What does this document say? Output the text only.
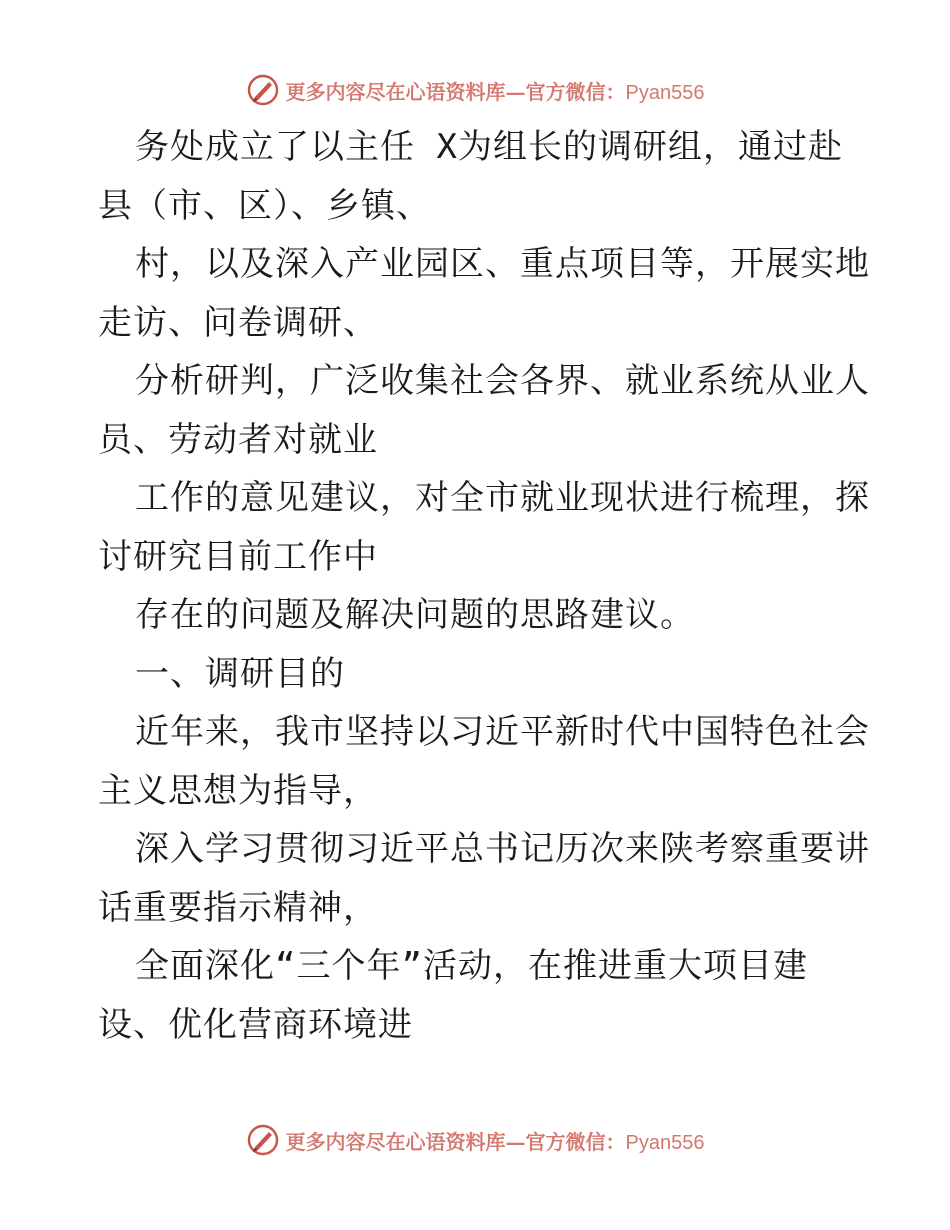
更多内容尽在心语资料库—官方微信：Pyan556
务处成立了以主任 X为组长的调研组，通过赴
县（市、区）、乡镇、
村，以及深入产业园区、重点项目等，开展实地
走访、问卷调研、
分析研判，广泛收集社会各界、就业系统从业人
员、劳动者对就业
工作的意见建议，对全市就业现状进行梳理，探
讨研究目前工作中
存在的问题及解决问题的思路建议。
一、调研目的
近年来，我市坚持以习近平新时代中国特色社会
主义思想为指导，
深入学习贯彻习近平总书记历次来陕考察重要讲
话重要指示精神，
全面深化“三个年”活动，在推进重大项目建
设、优化营商环境进
更多内容尽在心语资料库—官方微信：Pyan556
